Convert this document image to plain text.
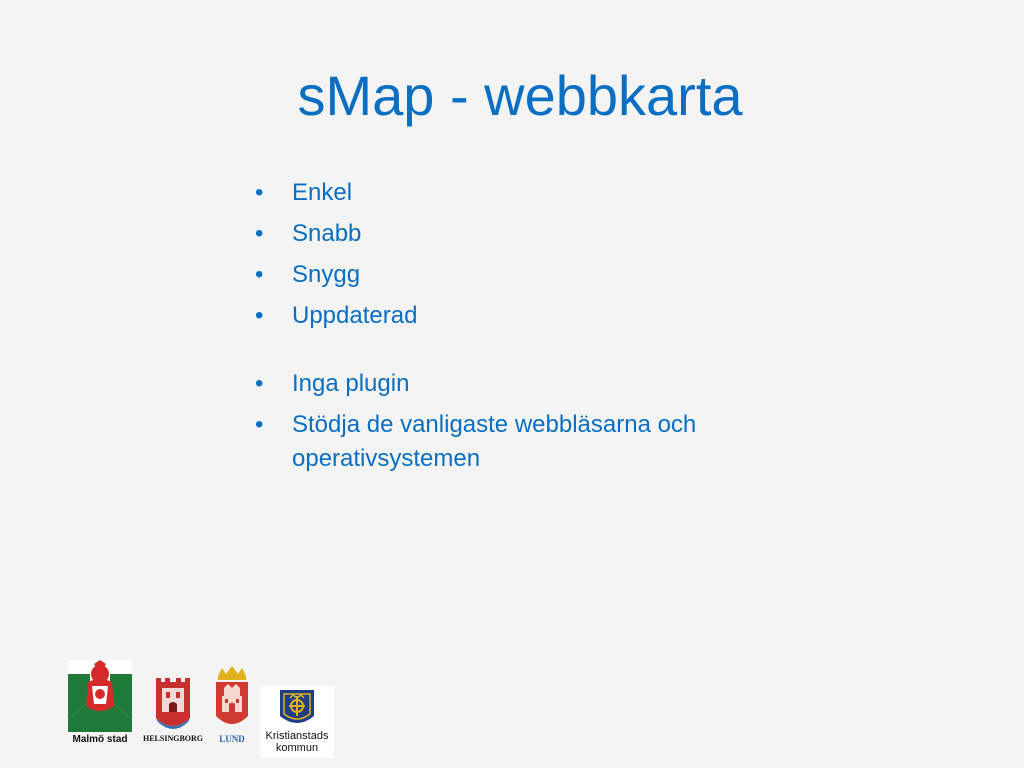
sMap - webbkarta
• Enkel
• Snabb
• Snygg
• Uppdaterad
• Inga plugin
• Stödja de vanligaste webbläsarna och operativsystemen
Malmö stad	HELSINGBORG	LUND	Kristianstads
kommun
